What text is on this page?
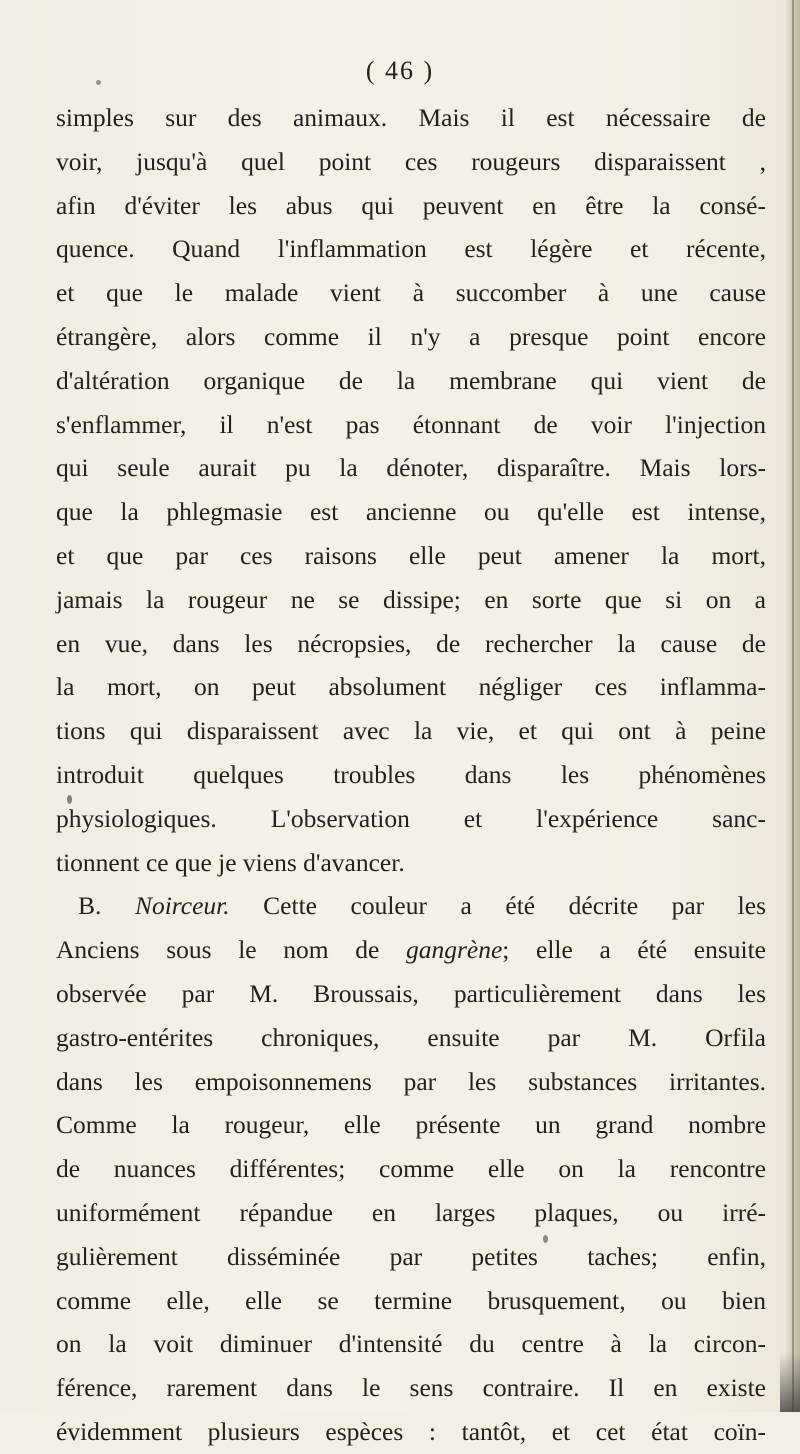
( 46 )
simples sur des animaux. Mais il est nécessaire de
voir, jusqu'à quel point ces rougeurs disparaissent ,
afin d'éviter les abus qui peuvent en être la consé-
quence. Quand l'inflammation est légère et récente,
et que le malade vient à succomber à une cause
étrangère, alors comme il n'y a presque point encore
d'altération organique de la membrane qui vient de
s'enflammer, il n'est pas étonnant de voir l'injection
qui seule aurait pu la dénoter, disparaître. Mais lors-
que la phlegmasie est ancienne ou qu'elle est intense,
et que par ces raisons elle peut amener la mort,
jamais la rougeur ne se dissipe; en sorte que si on a
en vue, dans les nécropsies, de rechercher la cause de
la mort, on peut absolument négliger ces inflamma-
tions qui disparaissent avec la vie, et qui ont à peine
introduit quelques troubles dans les phénomènes
physiologiques. L'observation et l'expérience sanc-
tionnent ce que je viens d'avancer.
B. Noirceur. Cette couleur a été décrite par les
Anciens sous le nom de gangrène; elle a été ensuite
observée par M. Broussais, particulièrement dans les
gastro-entérites chroniques, ensuite par M. Orfila
dans les empoisonnemens par les substances irritantes.
Comme la rougeur, elle présente un grand nombre
de nuances différentes; comme elle on la rencontre
uniformément répandue en larges plaques, ou irré-
gulièrement disséminée par petites taches; enfin,
comme elle, elle se termine brusquement, ou bien
on la voit diminuer d'intensité du centre à la circon-
férence, rarement dans le sens contraire. Il en existe
évidemment plusieurs espèces : tantôt, et cet état coïn-
